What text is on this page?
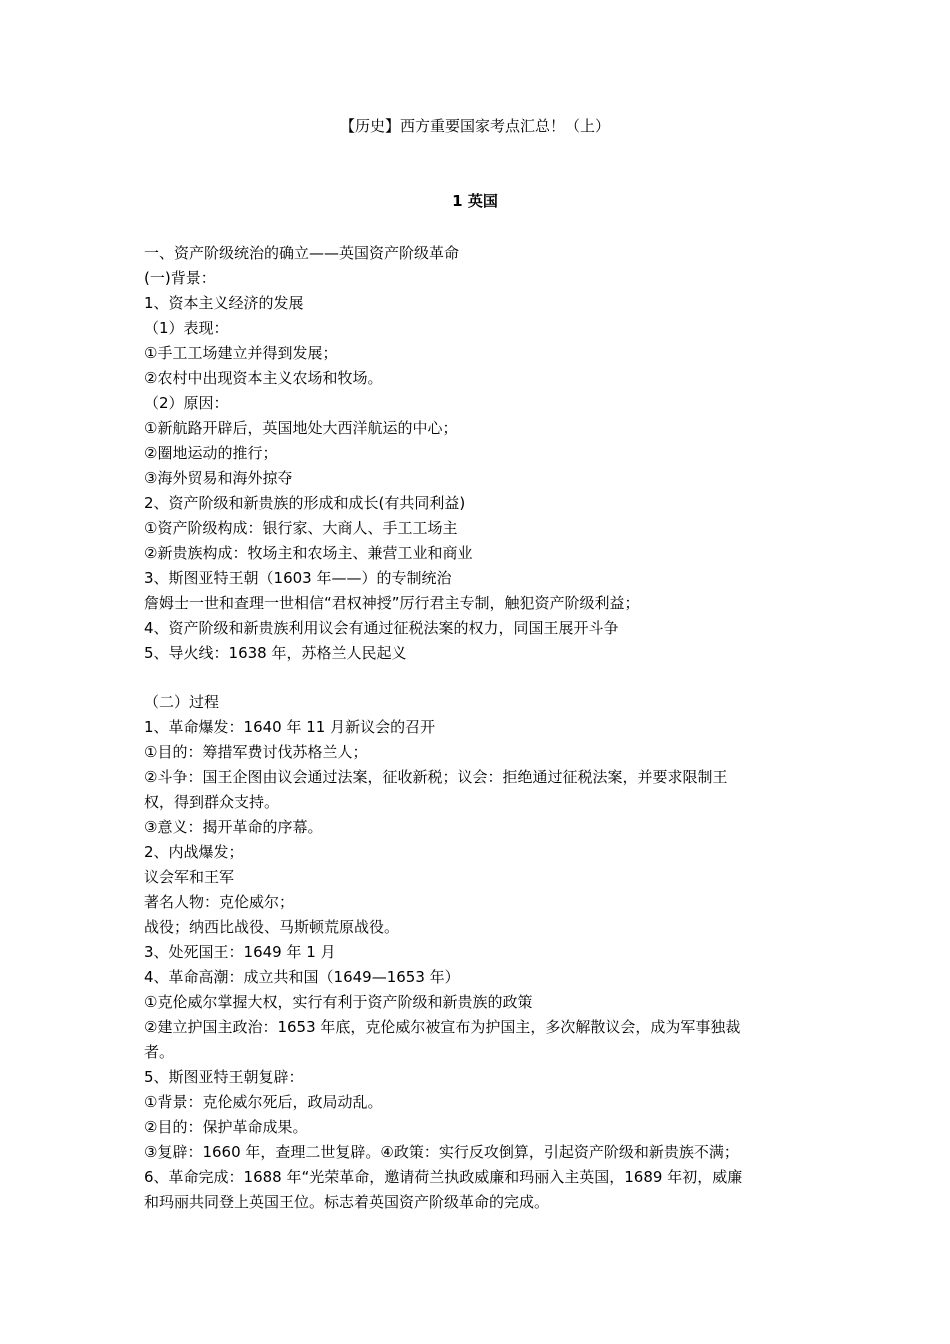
【历史】西方重要国家考点汇总！（上）
1 英国
一、资产阶级统治的确立——英国资产阶级革命
(一)背景：
1、资本主义经济的发展
（1）表现：
①手工工场建立并得到发展；
②农村中出现资本主义农场和牧场。
（2）原因：
①新航路开辟后，英国地处大西洋航运的中心；
②圈地运动的推行；
③海外贸易和海外掠夺
2、资产阶级和新贵族的形成和成长(有共同利益)
①资产阶级构成：银行家、大商人、手工工场主
②新贵族构成：牧场主和农场主、兼营工业和商业
3、斯图亚特王朝（1603 年——）的专制统治
詹姆士一世和查理一世相信“君权神授”厉行君主专制，触犯资产阶级利益；
4、资产阶级和新贵族利用议会有通过征税法案的权力，同国王展开斗争
5、导火线：1638 年，苏格兰人民起义
（二）过程
1、革命爆发：1640 年 11 月新议会的召开
①目的：筹措军费讨伐苏格兰人；
②斗争：国王企图由议会通过法案，征收新税；议会：拒绝通过征税法案，并要求限制王
权，得到群众支持。
③意义：揭开革命的序幕。
2、内战爆发；
议会军和王军
著名人物：克伦威尔；
战役；纳西比战役、马斯顿荒原战役。
3、处死国王：1649 年 1 月
4、革命高潮：成立共和国（1649—1653 年）
①克伦威尔掌握大权，实行有利于资产阶级和新贵族的政策
②建立护国主政治：1653 年底，克伦威尔被宣布为护国主，多次解散议会，成为军事独裁
者。
5、斯图亚特王朝复辟：
①背景：克伦威尔死后，政局动乱。
②目的：保护革命成果。
③复辟：1660 年，查理二世复辟。④政策：实行反攻倒算，引起资产阶级和新贵族不满；
6、革命完成：1688 年“光荣革命，邀请荷兰执政威廉和玛丽入主英国，1689 年初，威廉
和玛丽共同登上英国王位。标志着英国资产阶级革命的完成。
